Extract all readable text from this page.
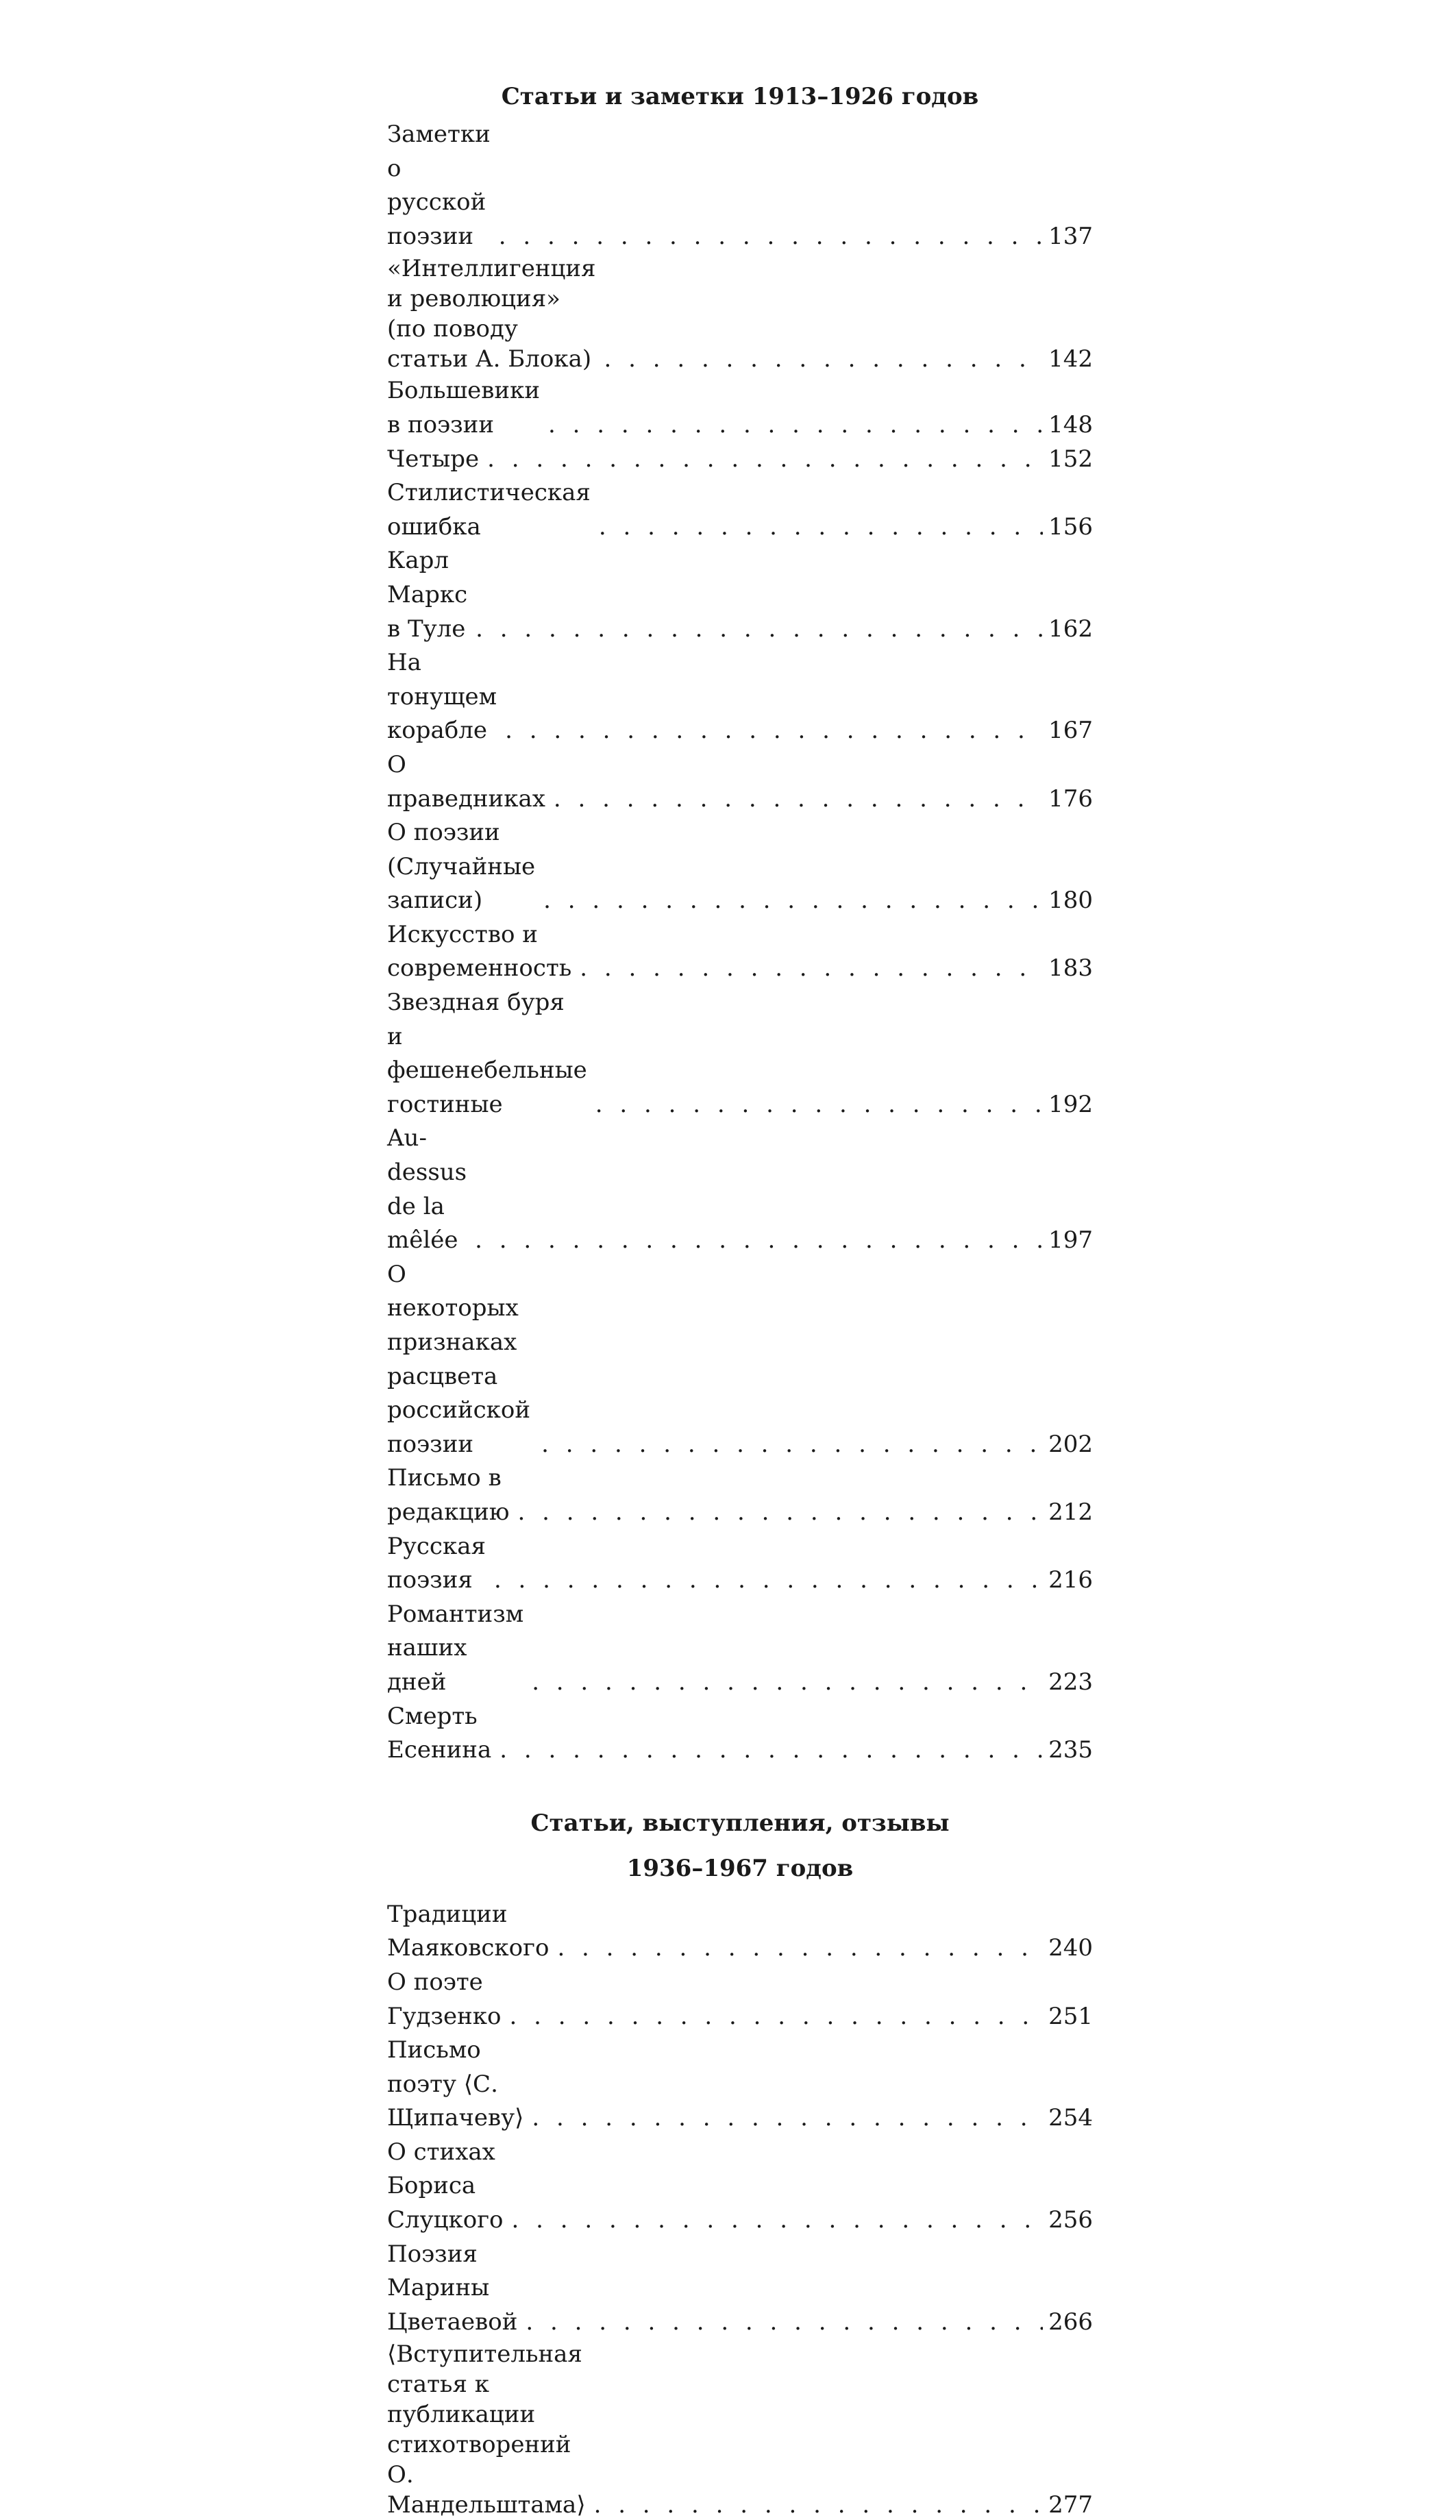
Статьи и заметки 1913–1926 годов
Заметки о русской поэзии . . .	137
«Интеллигенция и революция»
(по поводу статьи А. Блока) . . .	142
Большевики в поэзии . . .	148
Четыре . . .	152
Стилистическая ошибка . . .	156
Карл Маркс в Туле . . .	162
На тонущем корабле . . .	167
О праведниках . . .	176
О поэзии (Случайные записи) . . .	180
Искусство и современность . . .	183
Звездная буря и фешенебельные гостиные . . .	192
Au-dessus de la mêlée . . .	197
О некоторых признаках расцвета российской поэзии . . .	202
Письмо в редакцию . . .	212
Русская поэзия . . .	216
Романтизм наших дней . . .	223
Смерть Есенина . . .	235
Статьи, выступления, отзывы
1936–1967 годов
Традиции Маяковского . . .	240
О поэте Гудзенко . . .	251
Письмо поэту ⟨С. Щипачеву⟩ . . .	254
О стихах Бориса Слуцкого . . .	256
Поэзия Марины Цветаевой . . .	266
⟨Вступительная статья к публикации
стихотворений О. Мандельштама⟩ . . .	277
